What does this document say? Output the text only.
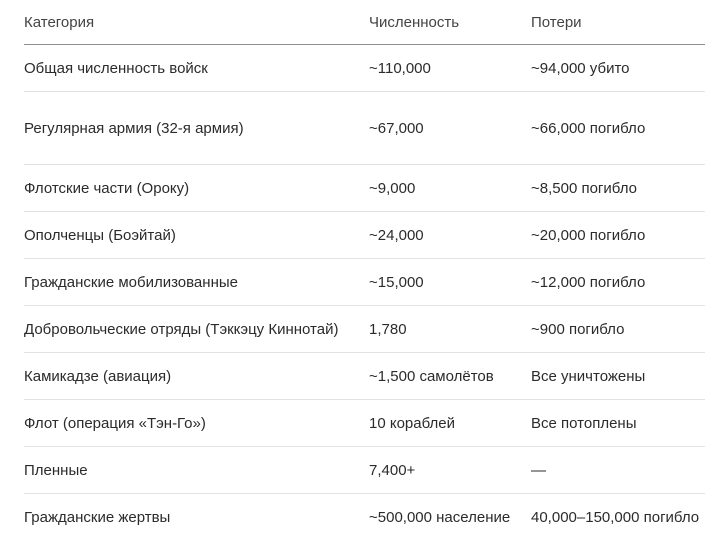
Категория	Численность	Потери
Общая численность войск	~110,000	~94,000 убито
Регулярная армия (32-я армия)	~67,000	~66,000 погибло
Флотские части (Ороку)	~9,000	~8,500 погибло
Ополченцы (Боэйтай)	~24,000	~20,000 погибло
Гражданские мобилизованные	~15,000	~12,000 погибло
Добровольческие отряды (Тэккэцу Киннотай)	1,780	~900 погибло
Камикадзе (авиация)	~1,500 самолётов	Все уничтожены
Флот (операция «Тэн-Го»)	10 кораблей	Все потоплены
Пленные	7,400+	—
Гражданские жертвы	~500,000 население	40,000–150,000 погибло
